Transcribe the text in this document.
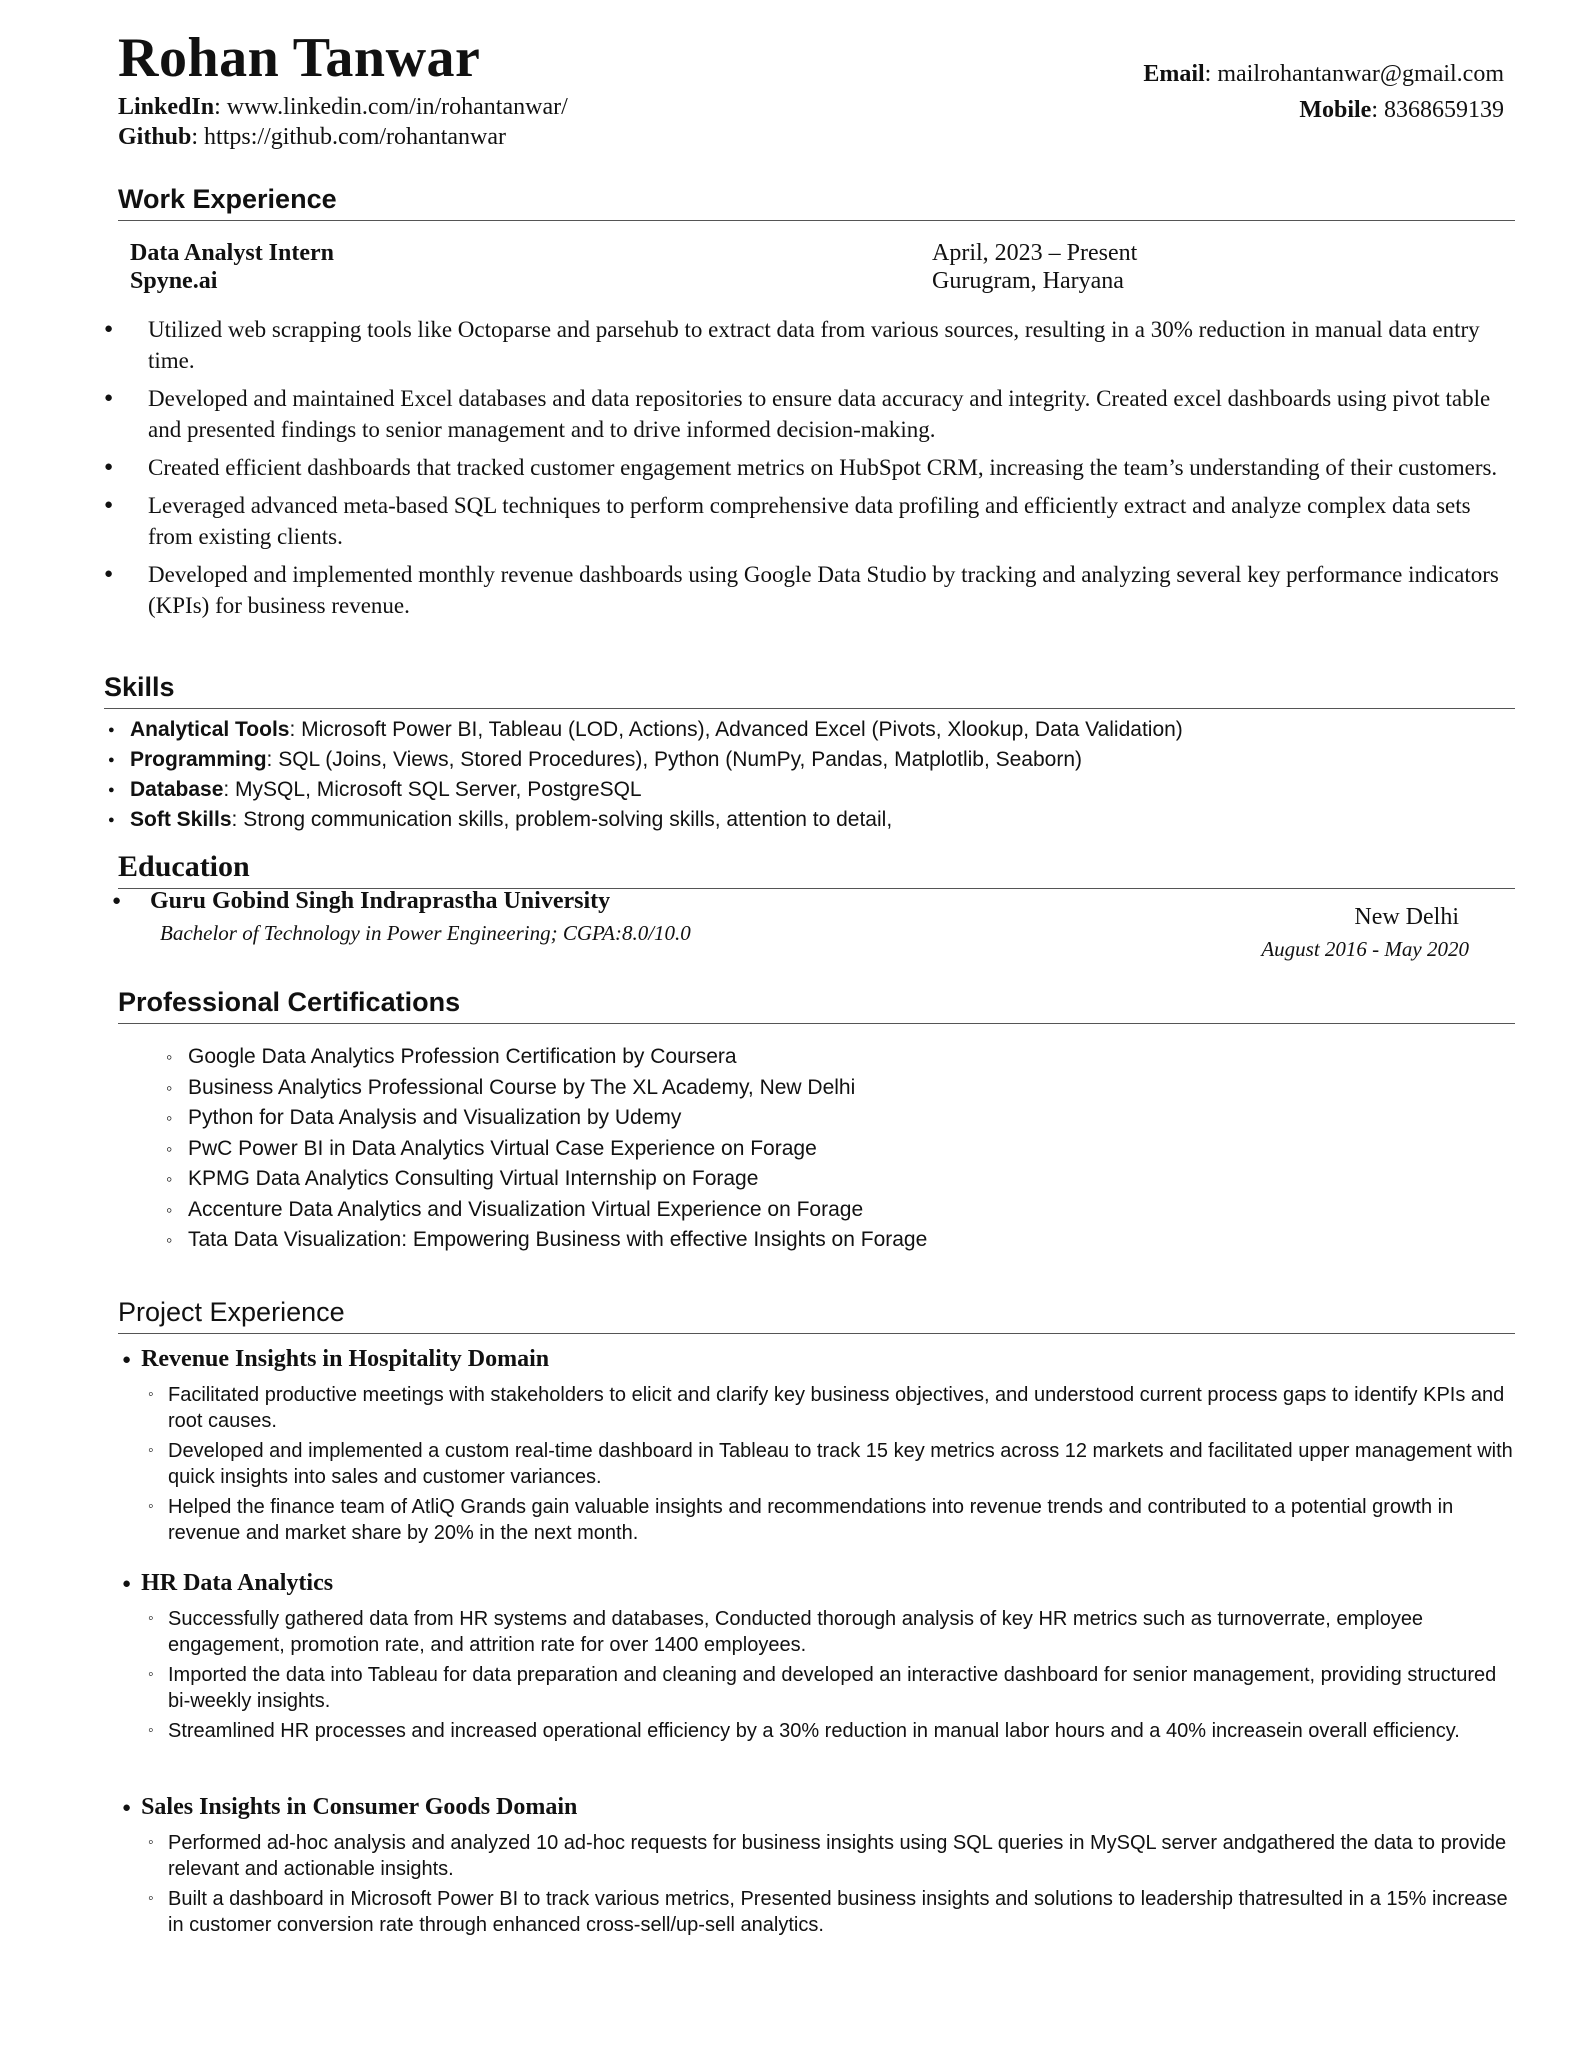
Rohan Tanwar
LinkedIn: www.linkedin.com/in/rohantanwar/
Github: https://github.com/rohantanwar
Email: mailrohantanwar@gmail.com
Mobile: 8368659139
Work Experience
Data Analyst Intern
Spyne.ai
April, 2023 – Present
Gurugram, Haryana
● Utilized web scrapping tools like Octoparse and parsehub to extract data from various sources, resulting in a 30% reduction in manual data entry time.
● Developed and maintained Excel databases and data repositories to ensure data accuracy and integrity. Created excel dashboards using pivot table and presented findings to senior management and to drive informed decision-making.
● Created efficient dashboards that tracked customer engagement metrics on HubSpot CRM, increasing the team’s understanding of their customers.
● Leveraged advanced meta-based SQL techniques to perform comprehensive data profiling and efficiently extract and analyze complex data sets from existing clients.
● Developed and implemented monthly revenue dashboards using Google Data Studio by tracking and analyzing several key performance indicators (KPIs) for business revenue.
Skills
● Analytical Tools: Microsoft Power BI, Tableau (LOD, Actions), Advanced Excel (Pivots, Xlookup, Data Validation)
● Programming: SQL (Joins, Views, Stored Procedures), Python (NumPy, Pandas, Matplotlib, Seaborn)
● Database: MySQL, Microsoft SQL Server, PostgreSQL
● Soft Skills: Strong communication skills, problem-solving skills, attention to detail,
Education
● Guru Gobind Singh Indraprastha University
Bachelor of Technology in Power Engineering; CGPA:8.0/10.0
New Delhi
August 2016 - May 2020
Professional Certifications
◦ Google Data Analytics Profession Certification by Coursera
◦ Business Analytics Professional Course by The XL Academy, New Delhi
◦ Python for Data Analysis and Visualization by Udemy
◦ PwC Power BI in Data Analytics Virtual Case Experience on Forage
◦ KPMG Data Analytics Consulting Virtual Internship on Forage
◦ Accenture Data Analytics and Visualization Virtual Experience on Forage
◦ Tata Data Visualization: Empowering Business with effective Insights on Forage
Project Experience
● Revenue Insights in Hospitality Domain
◦ Facilitated productive meetings with stakeholders to elicit and clarify key business objectives, and understood current process gaps to identify KPIs and root causes.
◦ Developed and implemented a custom real-time dashboard in Tableau to track 15 key metrics across 12 markets and facilitated upper management with quick insights into sales and customer variances.
◦ Helped the finance team of AtliQ Grands gain valuable insights and recommendations into revenue trends and contributed to a potential growth in revenue and market share by 20% in the next month.
● HR Data Analytics
◦ Successfully gathered data from HR systems and databases, Conducted thorough analysis of key HR metrics such as turnoverrate, employee engagement, promotion rate, and attrition rate for over 1400 employees.
◦ Imported the data into Tableau for data preparation and cleaning and developed an interactive dashboard for senior management, providing structured bi-weekly insights.
◦ Streamlined HR processes and increased operational efficiency by a 30% reduction in manual labor hours and a 40% increasein overall efficiency.
● Sales Insights in Consumer Goods Domain
◦ Performed ad-hoc analysis and analyzed 10 ad-hoc requests for business insights using SQL queries in MySQL server andgathered the data to provide relevant and actionable insights.
◦ Built a dashboard in Microsoft Power BI to track various metrics, Presented business insights and solutions to leadership thatresulted in a 15% increase in customer conversion rate through enhanced cross-sell/up-sell analytics.
